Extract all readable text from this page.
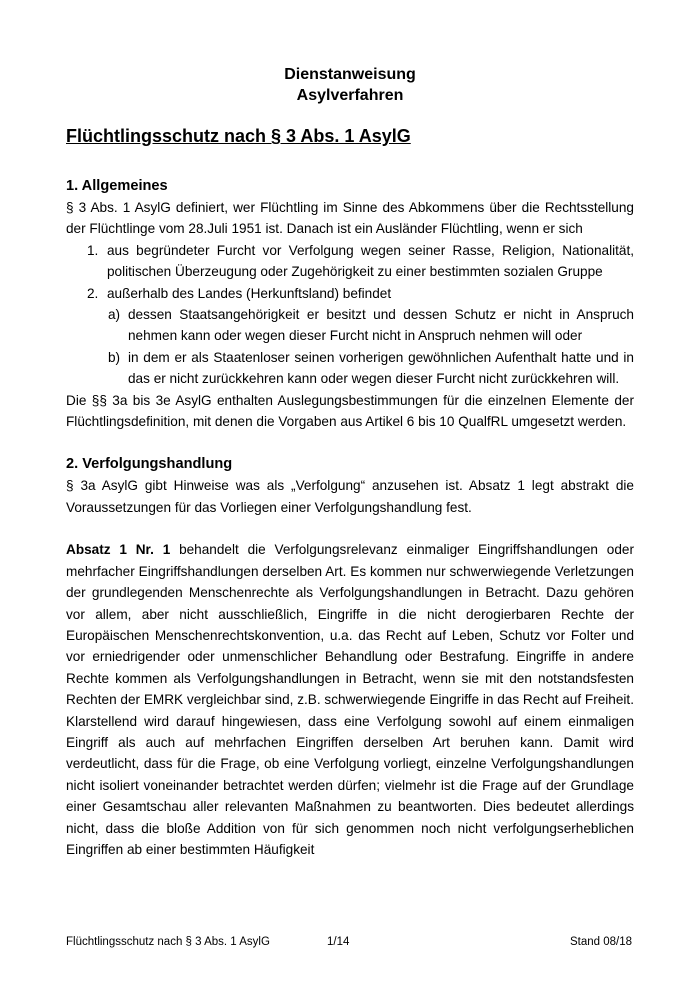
Dienstanweisung
Asylverfahren
Flüchtlingsschutz nach § 3 Abs. 1 AsylG
1. Allgemeines

§ 3 Abs. 1 AsylG definiert, wer Flüchtling im Sinne des Abkommens über die Rechtsstellung der Flüchtlinge vom 28.Juli 1951 ist. Danach ist ein Ausländer Flüchtling, wenn er sich

1. aus begründeter Furcht vor Verfolgung wegen seiner Rasse, Religion, Nationalität, politischen Überzeugung oder Zugehörigkeit zu einer bestimmten sozialen Gruppe
2. außerhalb des Landes (Herkunftsland) befindet
a) dessen Staatsangehörigkeit er besitzt und dessen Schutz er nicht in Anspruch nehmen kann oder wegen dieser Furcht nicht in Anspruch nehmen will oder
b) in dem er als Staatenloser seinen vorherigen gewöhnlichen Aufenthalt hatte und in das er nicht zurückkehren kann oder wegen dieser Furcht nicht zurückkehren will.

Die §§ 3a bis 3e AsylG enthalten Auslegungsbestimmungen für die einzelnen Elemente der Flüchtlingsdefinition, mit denen die Vorgaben aus Artikel 6 bis 10 QualfRL umgesetzt werden.

2. Verfolgungshandlung

§ 3a AsylG gibt Hinweise was als „Verfolgung“ anzusehen ist. Absatz 1 legt abstrakt die Voraussetzungen für das Vorliegen einer Verfolgungshandlung fest.

Absatz 1 Nr. 1 behandelt die Verfolgungsrelevanz einmaliger Eingriffshandlungen oder mehrfacher Eingriffshandlungen derselben Art. Es kommen nur schwerwiegende Verletzungen der grundlegenden Menschenrechte als Verfolgungshandlungen in Betracht. Dazu gehören vor allem, aber nicht ausschließlich, Eingriffe in die nicht derogierbaren Rechte der Europäischen Menschenrechtskonvention, u.a. das Recht auf Leben, Schutz vor Folter und vor erniedrigender oder unmenschlicher Behandlung oder Bestrafung. Eingriffe in andere Rechte kommen als Verfolgungshandlungen in Betracht, wenn sie mit den notstandsfesten Rechten der EMRK vergleichbar sind, z.B. schwerwiegende Eingriffe in das Recht auf Freiheit. Klarstellend wird darauf hingewiesen, dass eine Verfolgung sowohl auf einem einmaligen Eingriff als auch auf mehrfachen Eingriffen derselben Art beruhen kann. Damit wird verdeutlicht, dass für die Frage, ob eine Verfolgung vorliegt, einzelne Verfolgungshandlungen nicht isoliert voneinander betrachtet werden dürfen; vielmehr ist die Frage auf der Grundlage einer Gesamtschau aller relevanten Maßnahmen zu beantworten. Dies bedeutet allerdings nicht, dass die bloße Addition von für sich genommen noch nicht verfolgungserheblichen Eingriffen ab einer bestimmten Häufigkeit

Flüchtlingsschutz nach § 3 Abs. 1 AsylG	1/14	Stand 08/18
